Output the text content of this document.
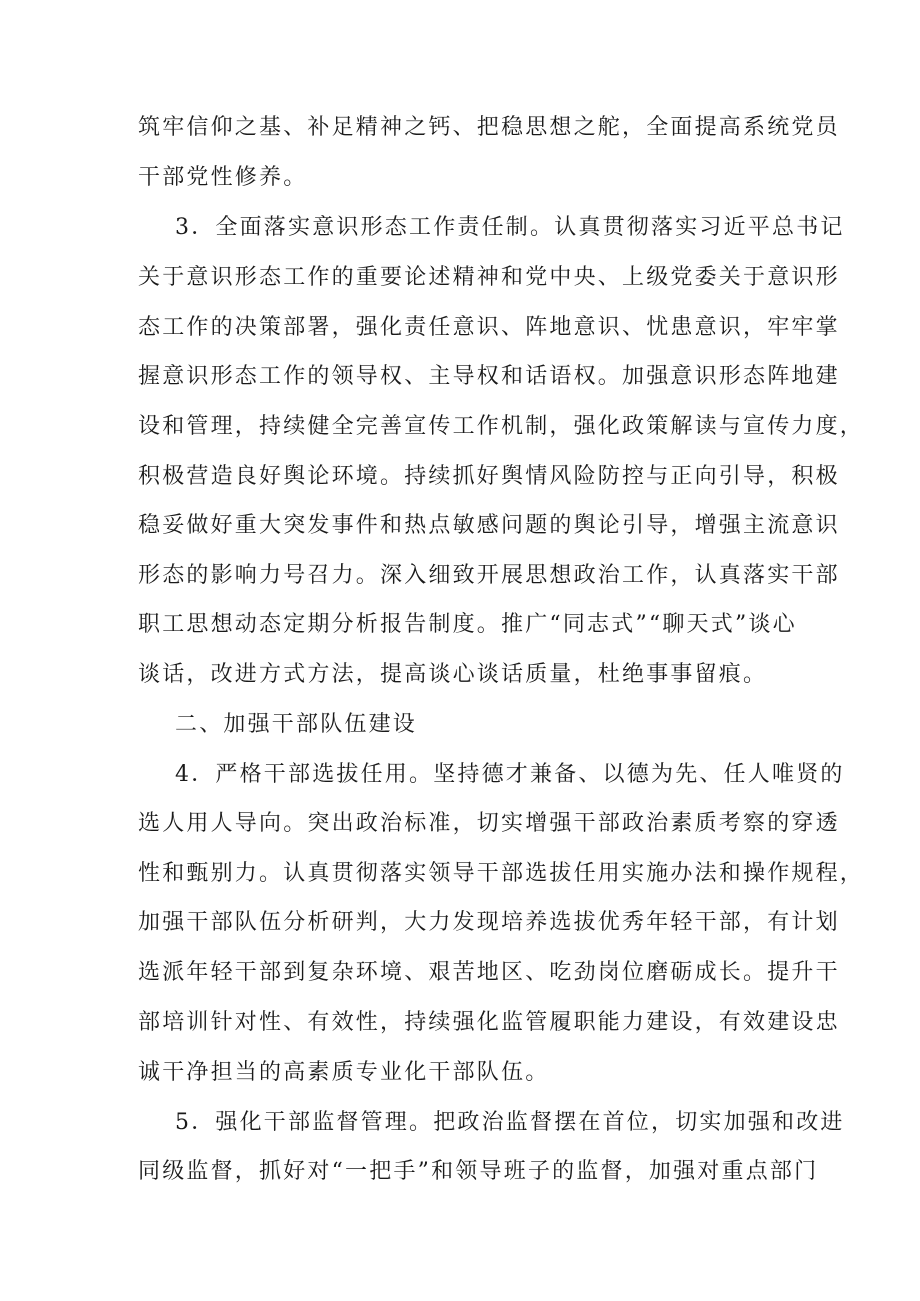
筑牢信仰之基、补足精神之钙、把稳思想之舵，全面提高系统党员
干部党性修养。
3．全面落实意识形态工作责任制。认真贯彻落实习近平总书记
关于意识形态工作的重要论述精神和党中央、上级党委关于意识形
态工作的决策部署，强化责任意识、阵地意识、忧患意识，牢牢掌
握意识形态工作的领导权、主导权和话语权。加强意识形态阵地建
设和管理，持续健全完善宣传工作机制，强化政策解读与宣传力度，
积极营造良好舆论环境。持续抓好舆情风险防控与正向引导，积极
稳妥做好重大突发事件和热点敏感问题的舆论引导，增强主流意识
形态的影响力号召力。深入细致开展思想政治工作，认真落实干部
职工思想动态定期分析报告制度。推广“同志式”“聊天式”谈心
谈话，改进方式方法，提高谈心谈话质量，杜绝事事留痕。
二、加强干部队伍建设
4．严格干部选拔任用。坚持德才兼备、以德为先、任人唯贤的
选人用人导向。突出政治标准，切实增强干部政治素质考察的穿透
性和甄别力。认真贯彻落实领导干部选拔任用实施办法和操作规程，
加强干部队伍分析研判，大力发现培养选拔优秀年轻干部，有计划
选派年轻干部到复杂环境、艰苦地区、吃劲岗位磨砺成长。提升干
部培训针对性、有效性，持续强化监管履职能力建设，有效建设忠
诚干净担当的高素质专业化干部队伍。
5．强化干部监督管理。把政治监督摆在首位，切实加强和改进
同级监督，抓好对“一把手”和领导班子的监督，加强对重点部门
